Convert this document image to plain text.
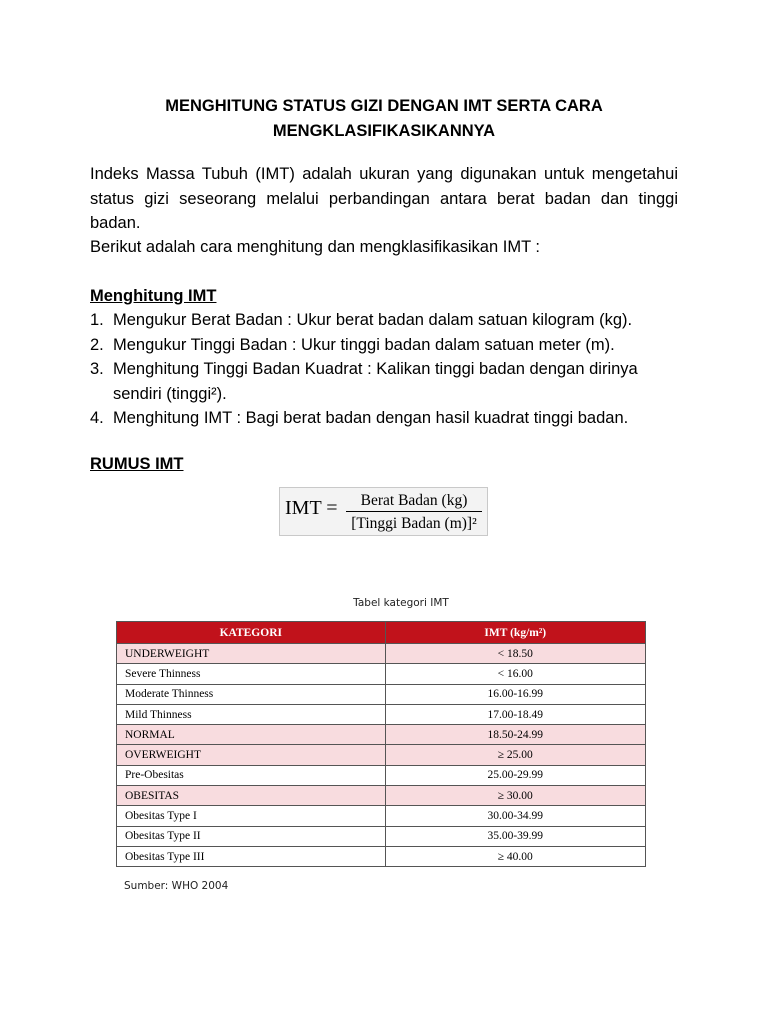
MENGHITUNG STATUS GIZI DENGAN IMT SERTA CARA
MENGKLASIFIKASIKANNYA
Indeks Massa Tubuh (IMT) adalah ukuran yang digunakan untuk mengetahui status gizi seseorang melalui perbandingan antara berat badan dan tinggi badan.
Berikut adalah cara menghitung dan mengklasifikasikan IMT :
Menghitung IMT
1. Mengukur Berat Badan : Ukur berat badan dalam satuan kilogram (kg).
2. Mengukur Tinggi Badan : Ukur tinggi badan dalam satuan meter (m).
3. Menghitung Tinggi Badan Kuadrat : Kalikan tinggi badan dengan dirinya sendiri (tinggi²).
4. Menghitung IMT : Bagi berat badan dengan hasil kuadrat tinggi badan.
RUMUS IMT
IMT =	Berat Badan (kg)
[Tinggi Badan (m)]²
Tabel kategori IMT
KATEGORI	IMT (kg/m²)
UNDERWEIGHT	< 18.50
Severe Thinness	< 16.00
Moderate Thinness	16.00-16.99
Mild Thinness	17.00-18.49
NORMAL	18.50-24.99
OVERWEIGHT	≥ 25.00
Pre-Obesitas	25.00-29.99
OBESITAS	≥ 30.00
Obesitas Type I	30.00-34.99
Obesitas Type II	35.00-39.99
Obesitas Type III	≥ 40.00
Sumber: WHO 2004
